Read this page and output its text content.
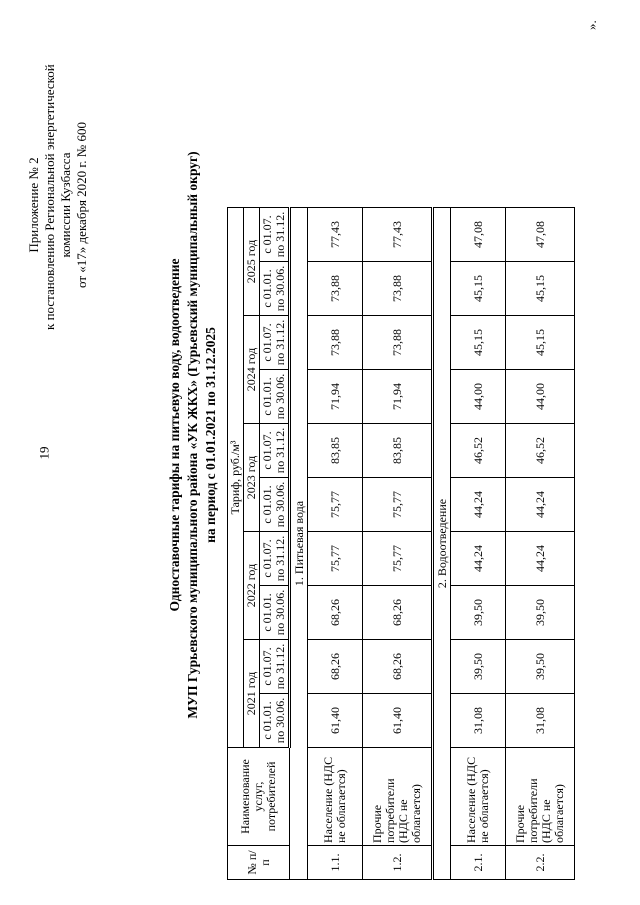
19
Приложение № 2 к постановлению Региональной энергетической комиссии Кузбасса от «17» декабря 2020 г. № 600
Одноставочные тарифы на питьевую воду, водоотведение МУП Гурьевского муниципального района «УК ЖКХ» (Гурьевский муниципальный округ) на период с 01.01.2021 по 31.12.2025
№ п/п	Наименование услуг, потребителей	Тариф, руб./м³									
		2021 год		2022 год		2023 год		2024 год		2025 год	
		с 01.01. по 30.06.	с 01.07. по 31.12.	с 01.01. по 30.06.	с 01.07. по 31.12.	с 01.01. по 30.06.	с 01.07. по 31.12.	с 01.01. по 30.06.	с 01.07. по 31.12.	с 01.01. по 30.06.	с 01.07. по 31.12.
1. Питьевая вода											
1.1.	Население (НДС не облагается)	61,40	68,26	68,26	75,77	75,77	83,85	71,94	73,88	73,88	77,43
1.2.	Прочие потребители (НДС не облагается)	61,40	68,26	68,26	75,77	75,77	83,85	71,94	73,88	73,88	77,43
2. Водоотведение											
2.1.	Население (НДС не облагается)	31,08	39,50	39,50	44,24	44,24	46,52	44,00	45,15	45,15	47,08
2.2.	Прочие потребители (НДС не облагается)	31,08	39,50	39,50	44,24	44,24	46,52	44,00	45,15	45,15	47,08
».
